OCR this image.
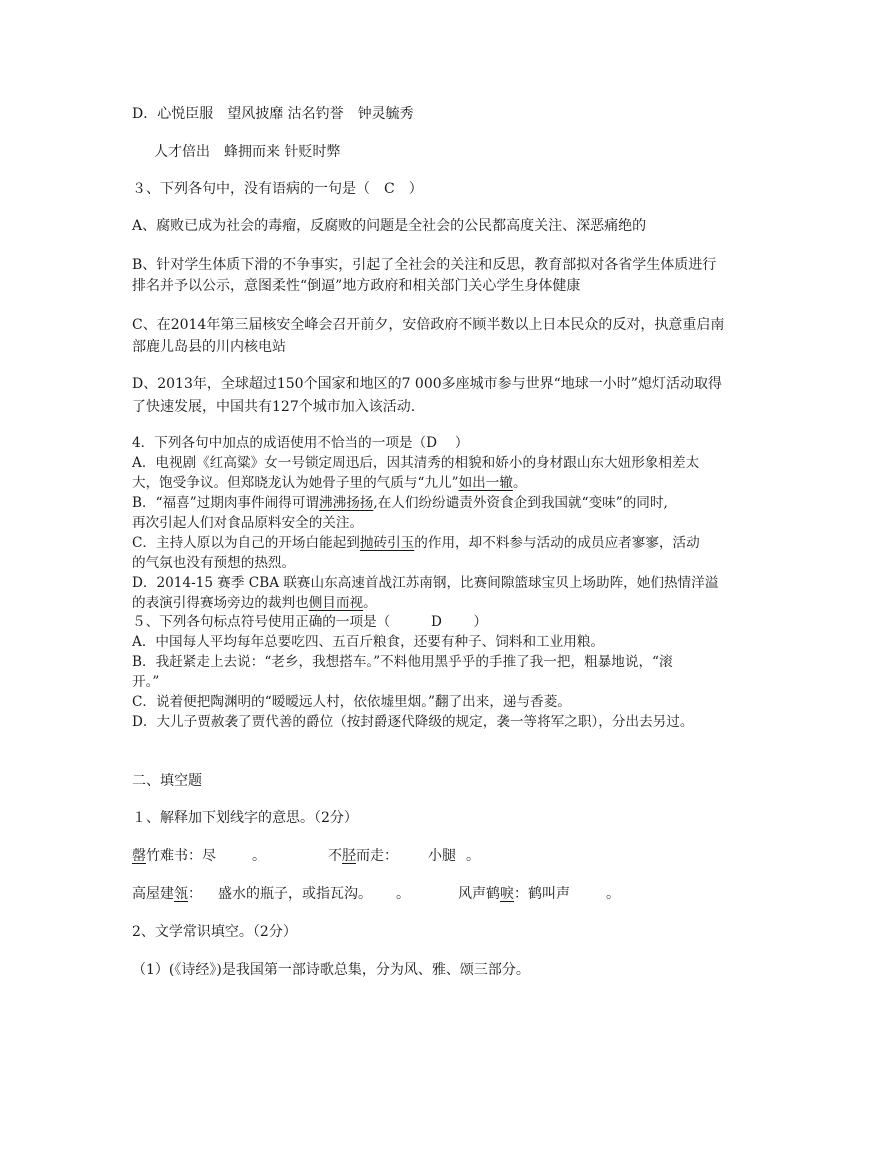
D．心悦臣服　望风披靡 沽名钓誉　钟灵毓秀
人才倍出　蜂拥而来 针贬时弊
３、下列各句中，没有语病的一句是（　C　）
A、腐败已成为社会的毒瘤，反腐败的问题是全社会的公民都高度关注、深恶痛绝的
B、针对学生体质下滑的不争事实，引起了全社会的关注和反思，教育部拟对各省学生体质进行
排名并予以公示，意图柔性“倒逼”地方政府和相关部门关心学生身体健康
C、在2014年第三届核安全峰会召开前夕，安倍政府不顾半数以上日本民众的反对，执意重启南
部鹿儿岛县的川内核电站
D、2013年，全球超过150个国家和地区的7 000多座城市参与世界“地球一小时”熄灯活动取得
了快速发展，中国共有127个城市加入该活动.
4．下列各句中加点的成语使用不恰当的一项是（D　 ）
A．电视剧《红高粱》女一号锁定周迅后，因其清秀的相貌和娇小的身材跟山东大妞形象相差太
大，饱受争议。但郑晓龙认为她骨子里的气质与“九儿”如出一辙。
B．“福喜”过期肉事件闹得可谓沸沸扬扬,在人们纷纷谴责外资食企到我国就“变味”的同时,
再次引起人们对食品原料安全的关注。
C．主持人原以为自己的开场白能起到抛砖引玉的作用，却不料参与活动的成员应者寥寥，活动
的气氛也没有预想的热烈。
D．2014-15 赛季 CBA 联赛山东高速首战江苏南钢，比赛间隙篮球宝贝上场助阵，她们热情洋溢
的表演引得赛场旁边的裁判也侧目而视。
５、下列各句标点符号使用正确的一项是（　　　D　　 ）
A．中国每人平均每年总要吃四、五百斤粮食，还要有种子、饲料和工业用粮。
B．我赶紧走上去说：“老乡，我想搭车。”不料他用黑乎乎的手推了我一把，粗暴地说，“滚
开。”
C．说着便把陶渊明的“暧暧远人村，依依墟里烟。”翻了出来，递与香菱。
D．大儿子贾赦袭了贾代善的爵位（按封爵逐代降级的规定，袭一等将军之职），分出去另过。
二、填空题
１、解释加下划线字的意思。（2分）
罄竹难书：尽	。	不胫而走： 小腿 。
高屋建瓴： 盛水的瓶子，或指瓦沟。 。	风声鹤唳：鹤叫声	。
2、文学常识填空。（2分）
（1）(《诗经》)是我国第一部诗歌总集，分为风、雅、颂三部分。
